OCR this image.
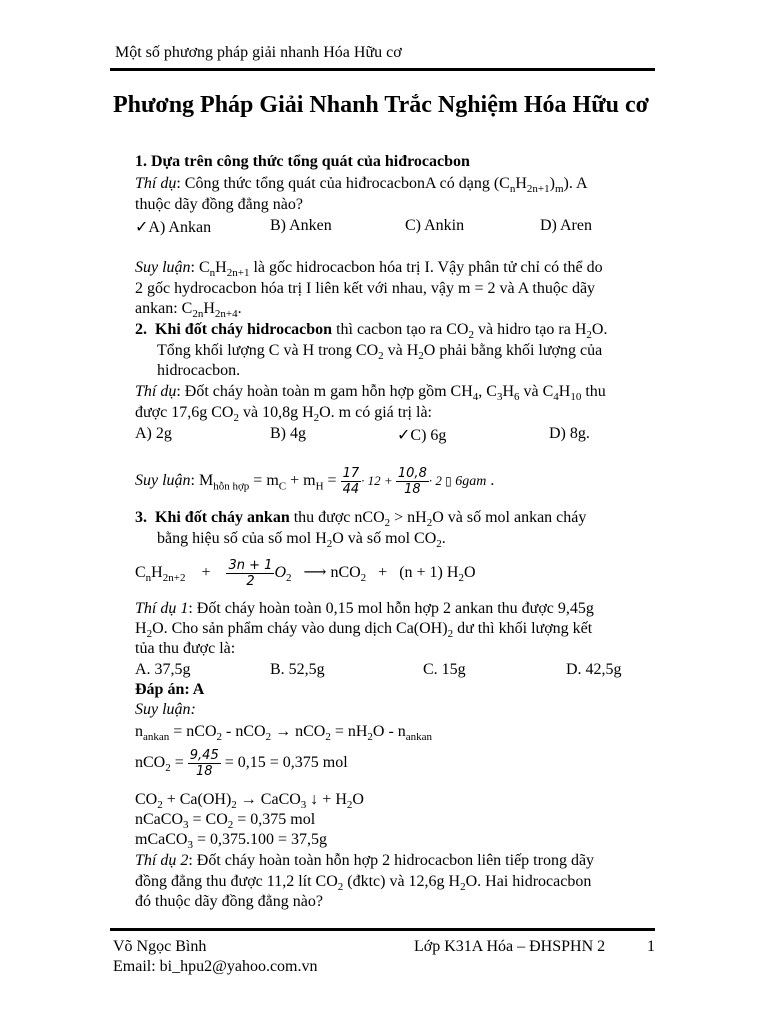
Một số phương pháp giải nhanh Hóa Hữu cơ
Phương Pháp Giải Nhanh Trắc Nghiệm Hóa Hữu cơ
1. Dựa trên công thức tổng quát của hiđrocacbon
Thí dụ: Công thức tổng quát của hiđrocacbonA có dạng $(C_nH_{2n+1})_m$). A
thuộc dãy đồng đẳng nào?
✓A) Ankan	B) Anken	C) Ankin	D) Aren
Suy luận: $C_nH_{2n+1}$ là gốc hidrocacbon hóa trị I. Vậy phân tử chỉ có thể do
2 gốc hydrocacbon hóa trị I liên kết với nhau, vậy m = 2 và A thuộc dãy
ankan: $C_{2n}H_{2n+4}$.
2. Khi đốt cháy hidrocacbon thì cacbon tạo ra $CO_2$ và hidro tạo ra $H_2O$.
Tổng khối lượng C và H trong $CO_2$ và $H_2O$ phải bằng khối lượng của
hidrocacbon.
Thí dụ: Đốt cháy hoàn toàn m gam hỗn hợp gồm $CH_4$, $C_3H_6$ và $C_4H_{10}$ thu
được 17,6g $CO_2$ và 10,8g $H_2O$. m có giá trị là:
A) 2g	B) 4g	✓C) 6g	D) 8g.
Suy luận: $M_{hỗn hợp} = m_C + m_H = \frac{17}{44} \cdot 12 + \frac{10,8}{18} \cdot 2$ ▯ 6gam .
3. Khi đốt cháy ankan thu được $nCO_2 > nH_2O$ và số mol ankan cháy
bằng hiệu số của số mol $H_2O$ và số mol $CO_2$.
$C_nH_{2n+2} + \frac{3n + 1}{2} O_2$ ⟶ nCO$_2$ + (n + 1) $H_2O$
Thí dụ 1: Đốt cháy hoàn toàn 0,15 mol hỗn hợp 2 ankan thu được 9,45g
$H_2O$. Cho sản phẩm cháy vào dung dịch $Ca(OH)_2$ dư thì khối lượng kết
tủa thu được là:
A. 37,5g	B. 52,5g	C. 15g	D. 42,5g
Đáp án: A
Suy luận:
$n_{ankan} = nCO_2 - nCO_2 \to nCO_2 = nH_2O - n_{ankan}$
$nCO_2 = \frac{9,45}{18} = 0,15 = 0,375$ mol
$CO_2 + Ca(OH)_2$ → CaCO$_3$ ↓ + $H_2O$
nCaCO$_3$ = $CO_2 = 0,375$ mol
mCaCO$_3$ = 0,375.100 = 37,5g
Thí dụ 2: Đốt cháy hoàn toàn hỗn hợp 2 hidrocacbon liên tiếp trong dãy
đồng đẳng thu được 11,2 lít $CO_2$ (đktc) và 12,6g $H_2O$. Hai hidrocacbon
đó thuộc dãy đồng đẳng nào?
Võ Ngọc Bình
Email: bi_hpu2@yahoo.com.vn
Lớp K31A Hóa – ĐHSPHN 2	1
